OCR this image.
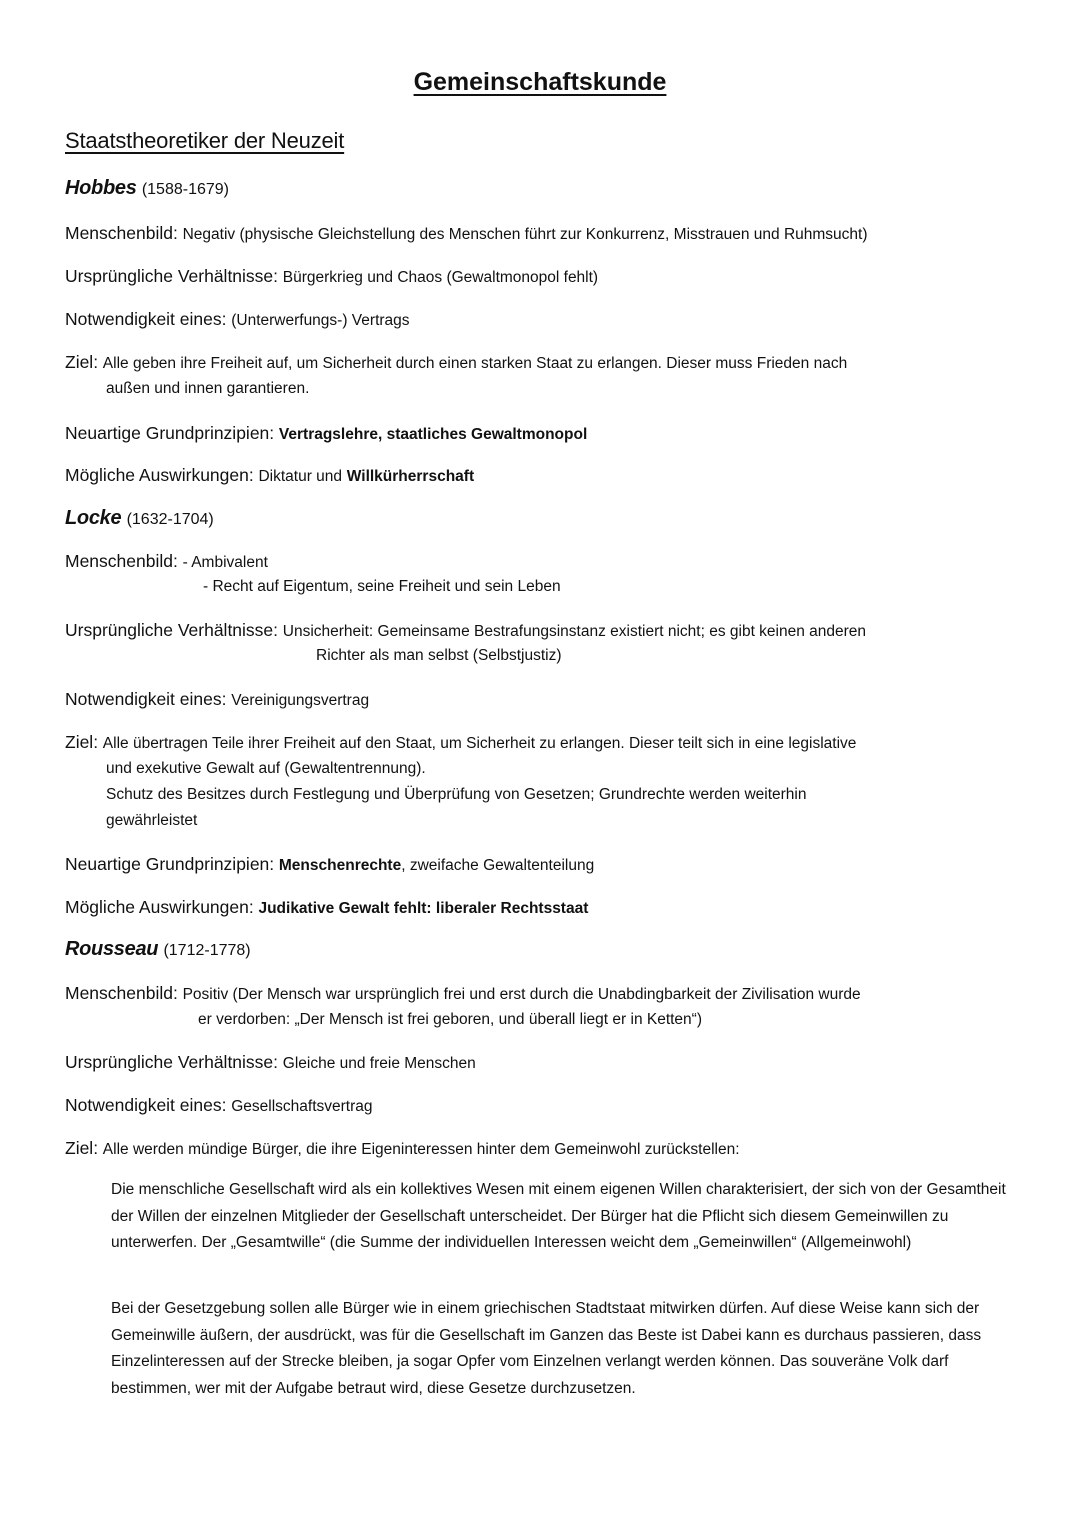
Gemeinschaftskunde
Staatstheoretiker der Neuzeit
Hobbes (1588-1679)
Menschenbild: Negativ (physische Gleichstellung des Menschen führt zur Konkurrenz, Misstrauen und Ruhmsucht)
Ursprüngliche Verhältnisse: Bürgerkrieg und Chaos (Gewaltmonopol fehlt)
Notwendigkeit eines: (Unterwerfungs-) Vertrags
Ziel: Alle geben ihre Freiheit auf, um Sicherheit durch einen starken Staat zu erlangen. Dieser muss Frieden nach
außen und innen garantieren.
Neuartige Grundprinzipien: Vertragslehre, staatliches Gewaltmonopol
Mögliche Auswirkungen: Diktatur und Willkürherrschaft
Locke (1632-1704)
Menschenbild: - Ambivalent
- Recht auf Eigentum, seine Freiheit und sein Leben
Ursprüngliche Verhältnisse: Unsicherheit: Gemeinsame Bestrafungsinstanz existiert nicht; es gibt keinen anderen
Richter als man selbst (Selbstjustiz)
Notwendigkeit eines: Vereinigungsvertrag
Ziel: Alle übertragen Teile ihrer Freiheit auf den Staat, um Sicherheit zu erlangen. Dieser teilt sich in eine legislative
und exekutive Gewalt auf (Gewaltentrennung).
Schutz des Besitzes durch Festlegung und Überprüfung von Gesetzen; Grundrechte werden weiterhin
gewährleistet
Neuartige Grundprinzipien: Menschenrechte, zweifache Gewaltenteilung
Mögliche Auswirkungen: Judikative Gewalt fehlt: liberaler Rechtsstaat
Rousseau (1712-1778)
Menschenbild: Positiv (Der Mensch war ursprünglich frei und erst durch die Unabdingbarkeit der Zivilisation wurde
er verdorben: „Der Mensch ist frei geboren, und überall liegt er in Ketten“)
Ursprüngliche Verhältnisse: Gleiche und freie Menschen
Notwendigkeit eines: Gesellschaftsvertrag
Ziel: Alle werden mündige Bürger, die ihre Eigeninteressen hinter dem Gemeinwohl zurückstellen:
Die menschliche Gesellschaft wird als ein kollektives Wesen mit einem eigenen Willen charakterisiert, der sich von der Gesamtheit der Willen der einzelnen Mitglieder der Gesellschaft unterscheidet. Der Bürger hat die Pflicht sich diesem Gemeinwillen zu unterwerfen. Der „Gesamtwille“ (die Summe der individuellen Interessen weicht dem „Gemeinwillen“ (Allgemeinwohl)
Bei der Gesetzgebung sollen alle Bürger wie in einem griechischen Stadtstaat mitwirken dürfen. Auf diese Weise kann sich der Gemeinwille äußern, der ausdrückt, was für die Gesellschaft im Ganzen das Beste ist Dabei kann es durchaus passieren, dass Einzelinteressen auf der Strecke bleiben, ja sogar Opfer vom Einzelnen verlangt werden können. Das souveräne Volk darf bestimmen, wer mit der Aufgabe betraut wird, diese Gesetze durchzusetzen.
